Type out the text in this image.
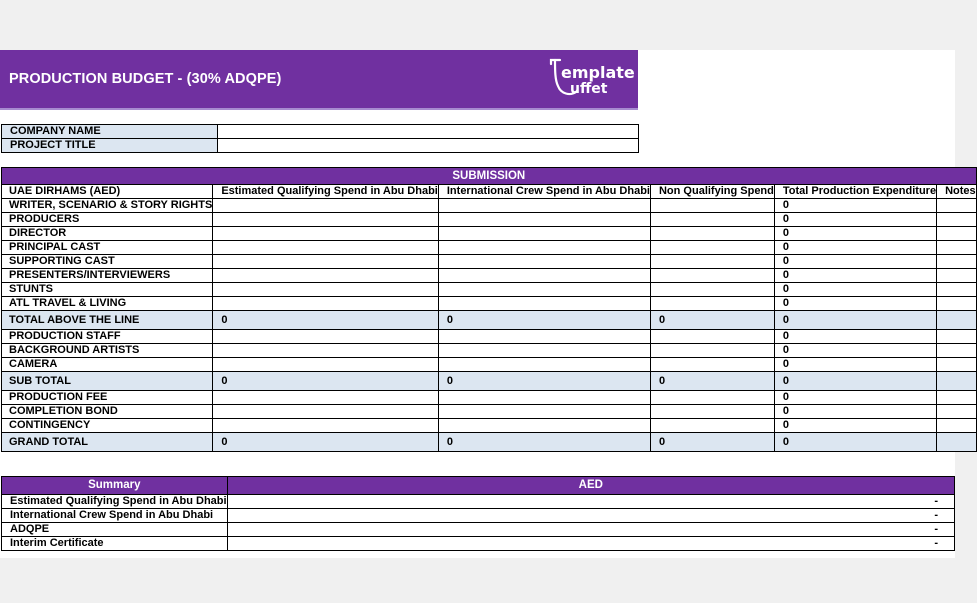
PRODUCTION BUDGET - (30% ADQPE)	emplate
uffet
COMPANY NAME	
PROJECT TITLE	
SUBMISSION					
UAE DIRHAMS (AED)	Estimated Qualifying Spend in Abu Dhabi	International Crew Spend in Abu Dhabi	Non Qualifying Spend	Total Production Expenditure	Notes
WRITER, SCENARIO & STORY RIGHTS				0	
PRODUCERS				0	
DIRECTOR				0	
PRINCIPAL CAST				0	
SUPPORTING CAST				0	
PRESENTERS/INTERVIEWERS				0	
STUNTS				0	
ATL TRAVEL & LIVING				0	
TOTAL ABOVE THE LINE	0	0	0	0	
PRODUCTION STAFF				0	
BACKGROUND ARTISTS				0	
CAMERA				0	
SUB TOTAL	0	0	0	0	
PRODUCTION FEE				0	
COMPLETION BOND				0	
CONTINGENCY				0	
GRAND TOTAL	0	0	0	0	
Summary	AED
Estimated Qualifying Spend in Abu Dhabi	-
International Crew Spend in Abu Dhabi	-
ADQPE	-
Interim Certificate	-
